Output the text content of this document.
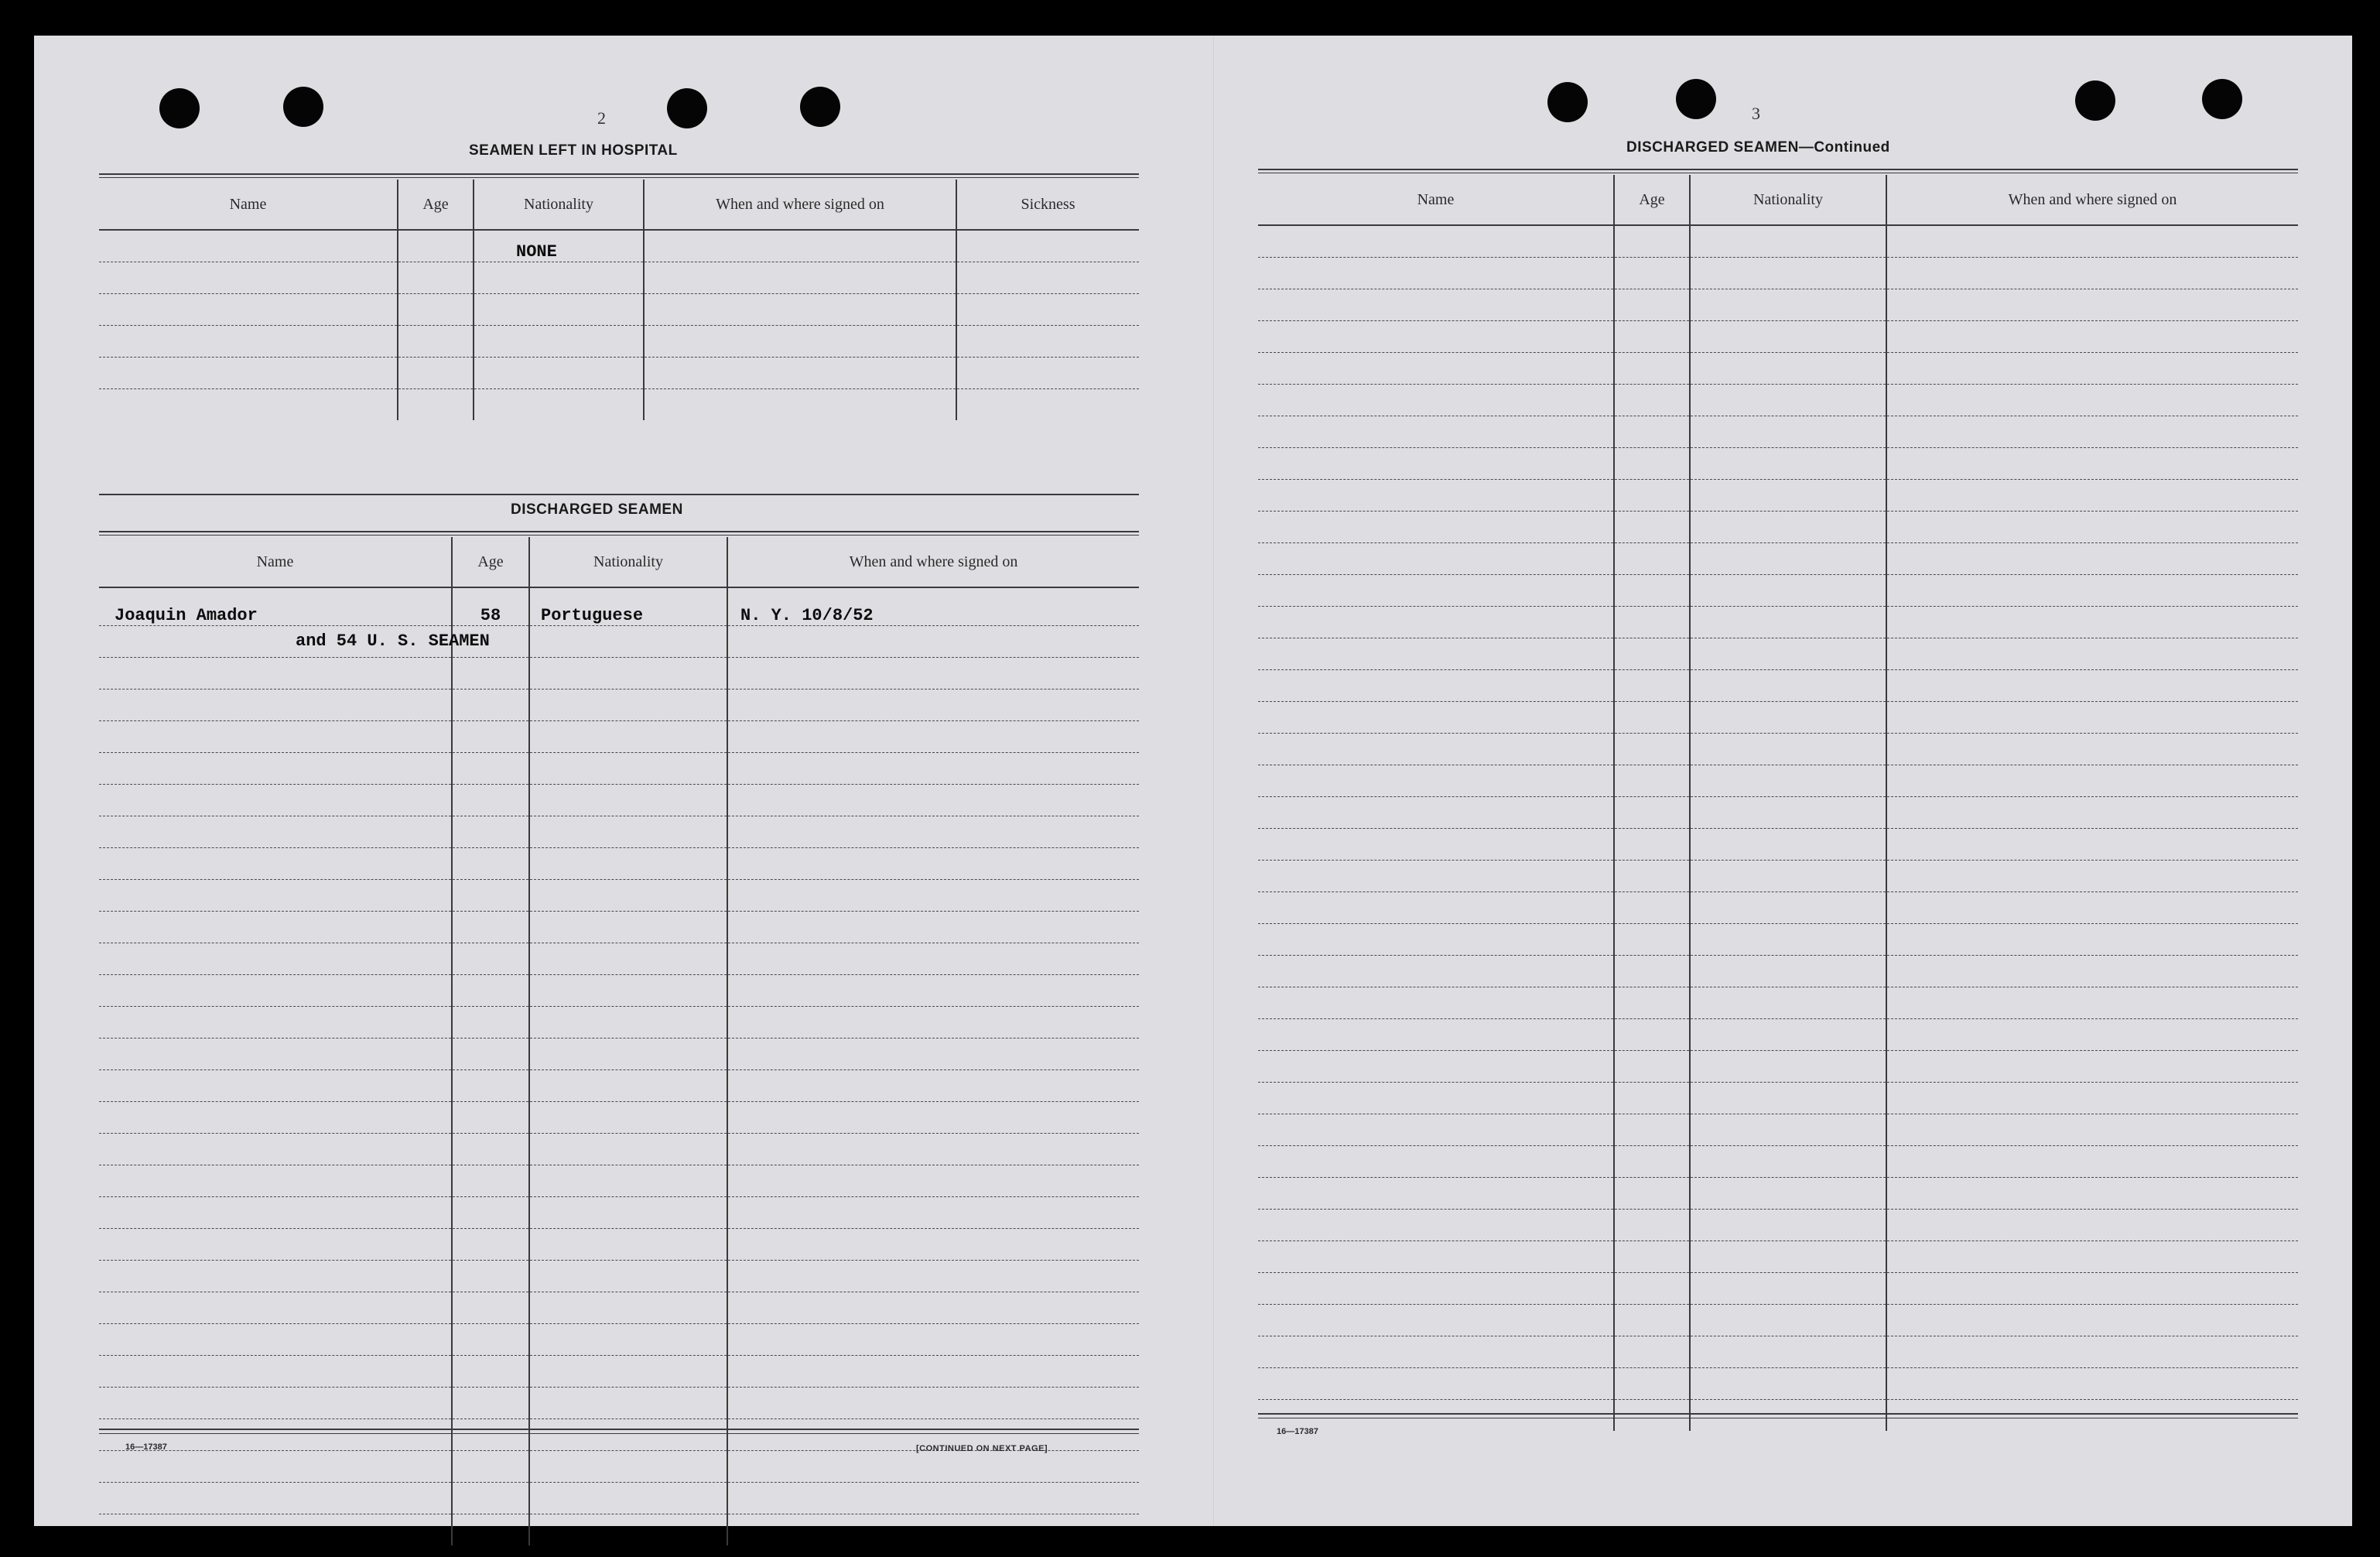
2
SEAMEN LEFT IN HOSPITAL
Name	Age	Nationality	When and where signed on	Sickness
		NONE		

DISCHARGED SEAMEN
Name	Age	Nationality	When and where signed on
Joaquin Amador	58	Portuguese	N. Y. 10/8/52
and 54 U. S. SEAMEN			

16—17387	[CONTINUED ON NEXT PAGE]
3
DISCHARGED SEAMEN—Continued
Name	Age	Nationality	When and where signed on

16—17387
